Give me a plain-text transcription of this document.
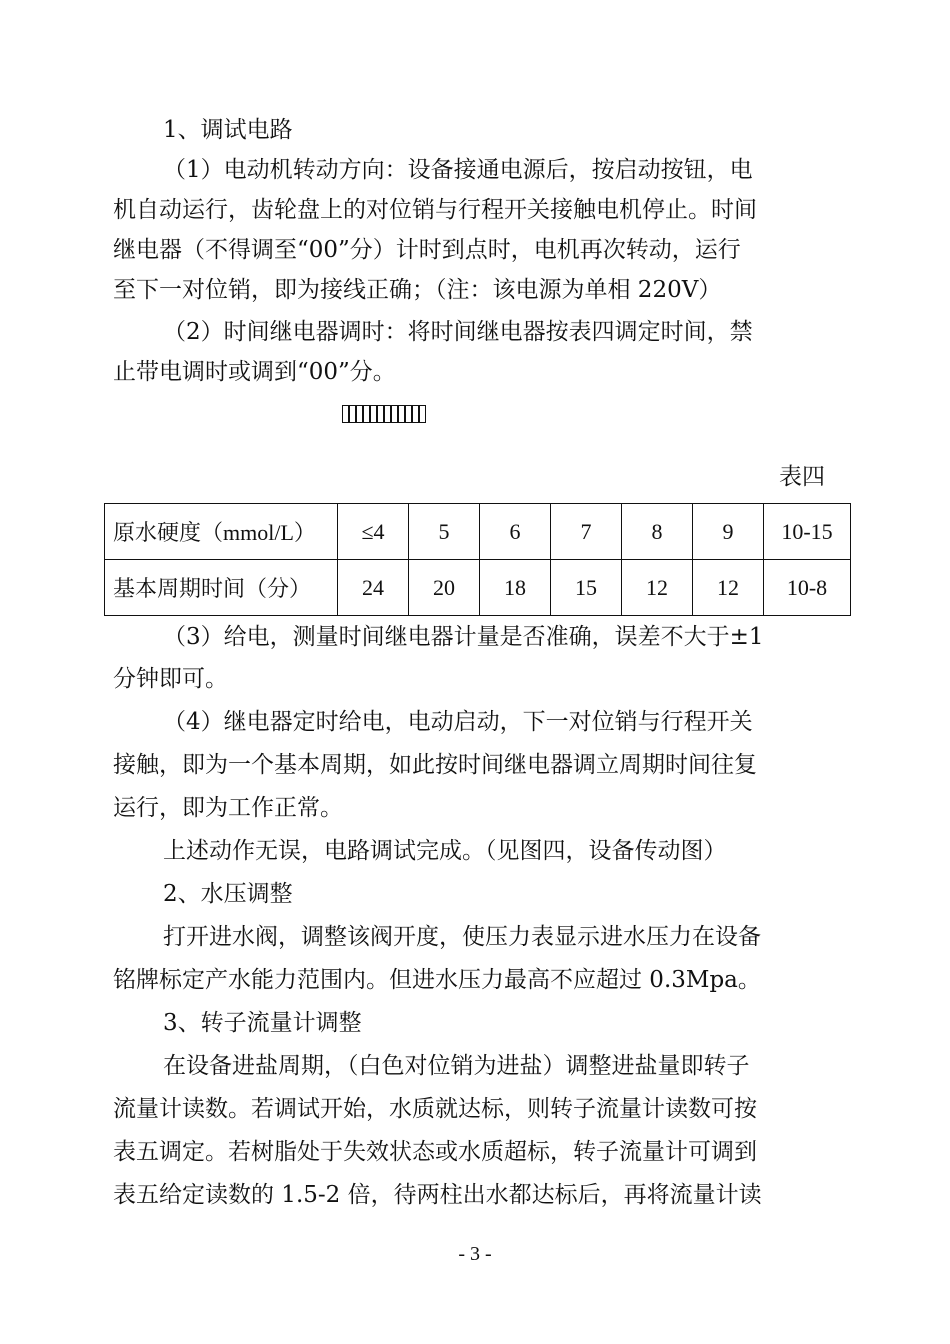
1、调试电路
（1）电动机转动方向：设备接通电源后，按启动按钮，电
机自动运行，齿轮盘上的对位销与行程开关接触电机停止。时间
继电器（不得调至“00”分）计时到点时，电机再次转动，运行
至下一对位销，即为接线正确；（注：该电源为单相 220V）
（2）时间继电器调时：将时间继电器按表四调定时间，禁
止带电调时或调到“00”分。
表四
原水硬度（mmol/L）	≤4	5	6	7	8	9	10-15
基本周期时间（分）	24	20	18	15	12	12	10-8
（3）给电，测量时间继电器计量是否准确，误差不大于±1
分钟即可。
（4）继电器定时给电，电动启动，下一对位销与行程开关
接触，即为一个基本周期，如此按时间继电器调立周期时间往复
运行，即为工作正常。
上述动作无误，电路调试完成。（见图四，设备传动图）
2、水压调整
打开进水阀，调整该阀开度，使压力表显示进水压力在设备
铭牌标定产水能力范围内。但进水压力最高不应超过 0.3Mpa。
3、转子流量计调整
在设备进盐周期，（白色对位销为进盐）调整进盐量即转子
流量计读数。若调试开始，水质就达标，则转子流量计读数可按
表五调定。若树脂处于失效状态或水质超标，转子流量计可调到
表五给定读数的 1.5-2 倍，待两柱出水都达标后，再将流量计读
- 3 -
